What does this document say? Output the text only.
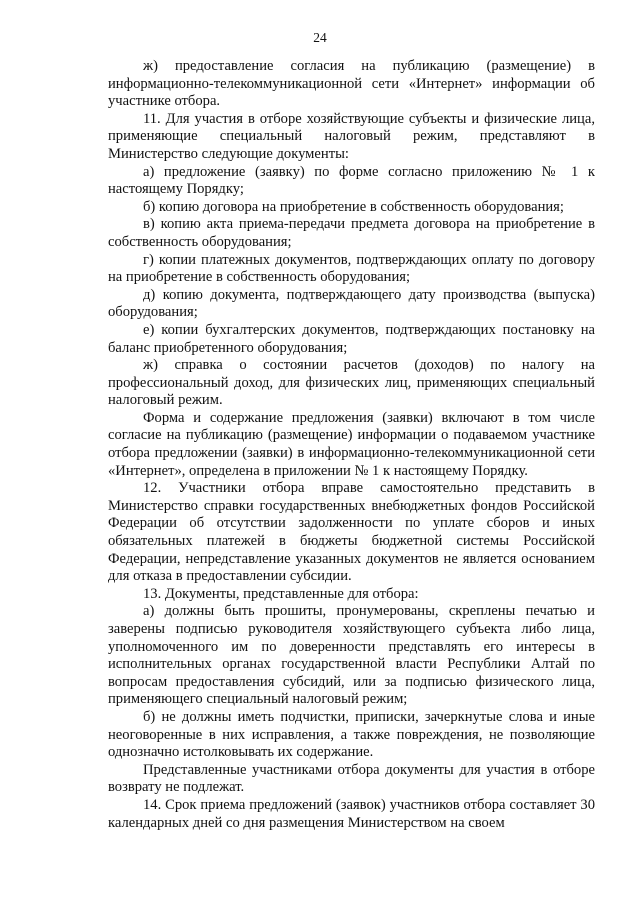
24

ж) предоставление согласия на публикацию (размещение) в информационно-телекоммуникационной сети «Интернет» информации об участнике отбора.

11. Для участия в отборе хозяйствующие субъекты и физические лица, применяющие специальный налоговый режим, представляют в Министерство следующие документы:

а) предложение (заявку) по форме согласно приложению № 1 к настоящему Порядку;

б) копию договора на приобретение в собственность оборудования;

в) копию акта приема-передачи предмета договора на приобретение в собственность оборудования;

г) копии платежных документов, подтверждающих оплату по договору на приобретение в собственность оборудования;

д) копию документа, подтверждающего дату производства (выпуска) оборудования;

е) копии бухгалтерских документов, подтверждающих постановку на баланс приобретенного оборудования;

ж) справка о состоянии расчетов (доходов) по налогу на профессиональный доход, для физических лиц, применяющих специальный налоговый режим.

Форма и содержание предложения (заявки) включают в том числе согласие на публикацию (размещение) информации о подаваемом участнике отбора предложении (заявки) в информационно-телекоммуникационной сети «Интернет», определена в приложении № 1 к настоящему Порядку.

12. Участники отбора вправе самостоятельно представить в Министерство справки государственных внебюджетных фондов Российской Федерации об отсутствии задолженности по уплате сборов и иных обязательных платежей в бюджеты бюджетной системы Российской Федерации, непредставление указанных документов не является основанием для отказа в предоставлении субсидии.

13. Документы, представленные для отбора:

а) должны быть прошиты, пронумерованы, скреплены печатью и заверены подписью руководителя хозяйствующего субъекта либо лица, уполномоченного им по доверенности представлять его интересы в исполнительных органах государственной власти Республики Алтай по вопросам предоставления субсидий, или за подписью физического лица, применяющего специальный налоговый режим;

б) не должны иметь подчистки, приписки, зачеркнутые слова и иные неоговоренные в них исправления, а также повреждения, не позволяющие однозначно истолковывать их содержание.

Представленные участниками отбора документы для участия в отборе возврату не подлежат.

14. Срок приема предложений (заявок) участников отбора составляет 30 календарных дней со дня размещения Министерством на своем
